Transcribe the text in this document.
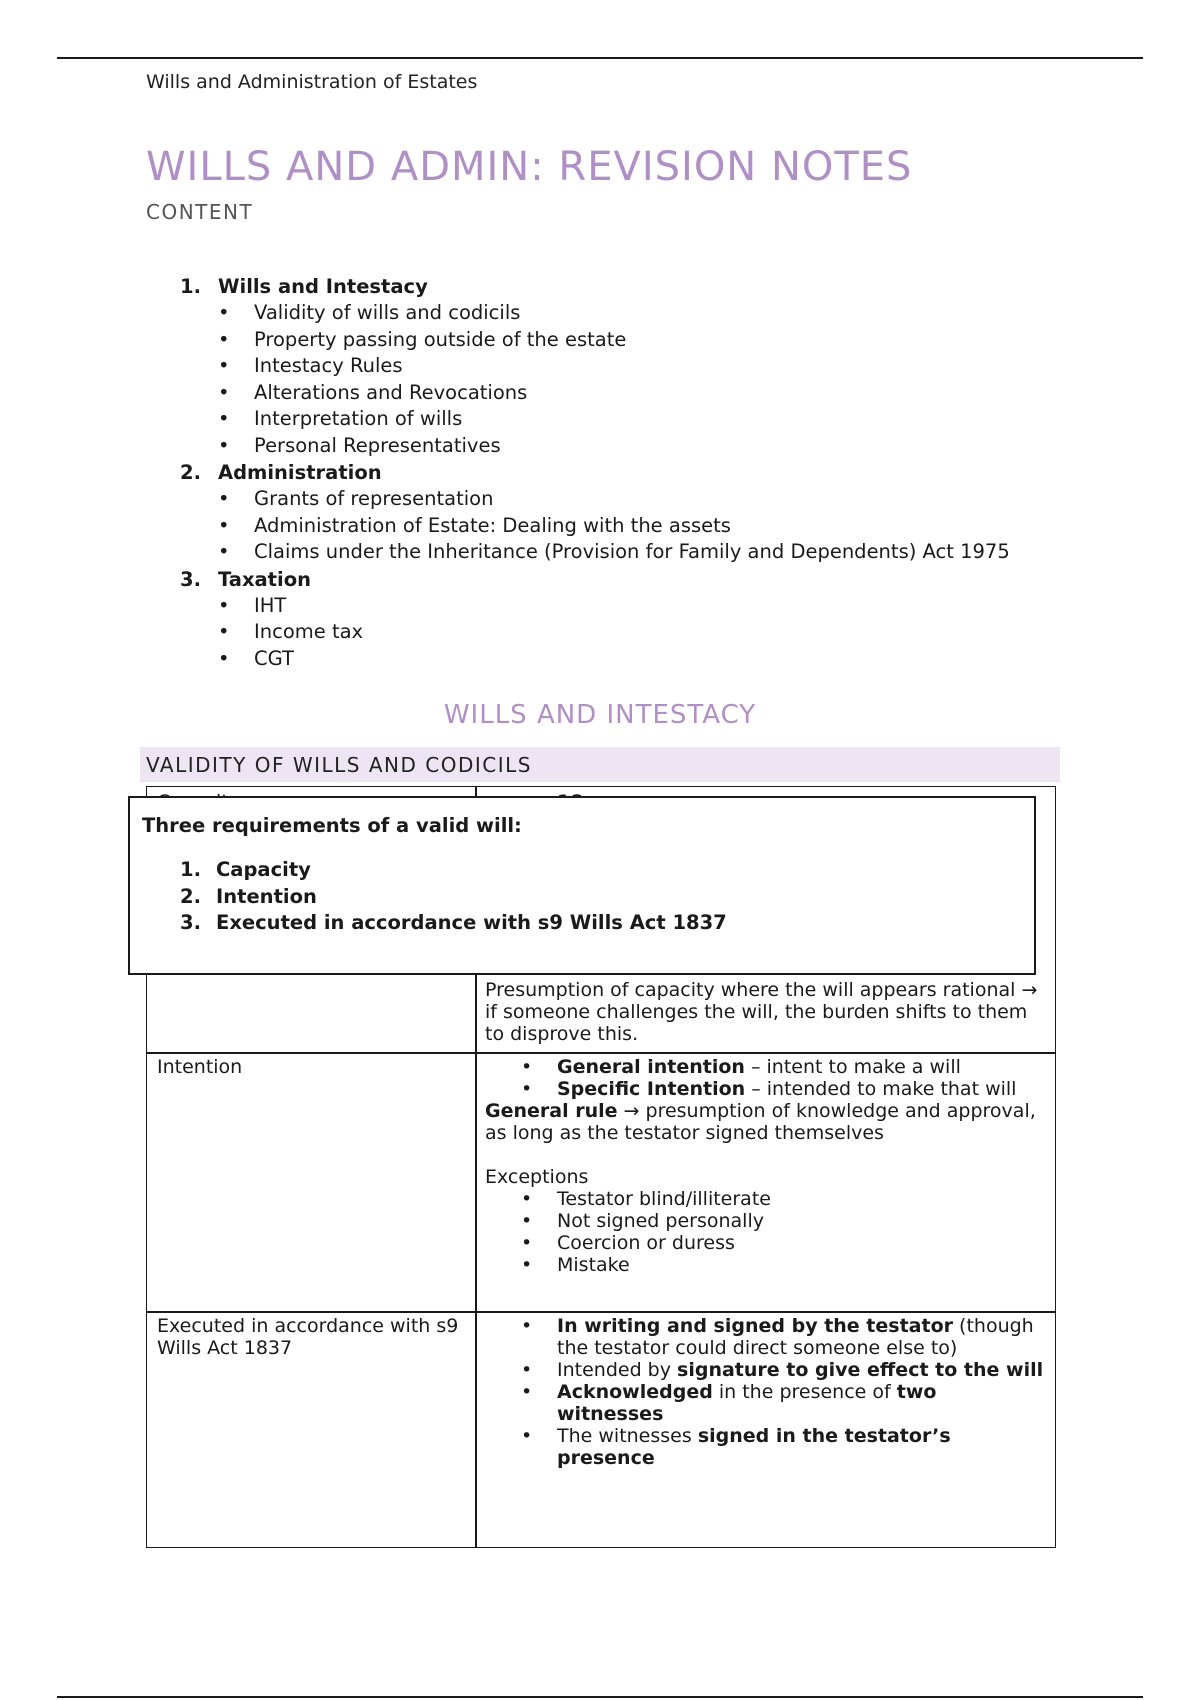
Wills and Administration of Estates
WILLS AND ADMIN: REVISION NOTES
CONTENT
1. Wills and Intestacy
• Validity of wills and codicils
• Property passing outside of the estate
• Intestacy Rules
• Alterations and Revocations
• Interpretation of wills
• Personal Representatives
2. Administration
• Grants of representation
• Administration of Estate: Dealing with the assets
• Claims under the Inheritance (Provision for Family and Dependents) Act 1975
3. Taxation
• IHT
• Income tax
• CGT
WILLS AND INTESTACY
VALIDITY OF WILLS AND CODICILS
•
Presumption of capacity where the will appears rational → if someone challenges the will, the burden shifts to them to disprove this.
Intention
•	General intention – intent to make a will
• Specific Intention – intended to make that will
General rule → presumption of knowledge and approval, as long as the testator signed themselves
Exceptions
• Testator blind/illiterate
• Not signed personally
• Coercion or duress
• Mistake
Executed in accordance with s9 Wills Act 1837
• In writing and signed by the testator (though the testator could direct someone else to)
• Intended by signature to give effect to the will
• Acknowledged in the presence of two witnesses
• The witnesses signed in the testator’s presence
Three requirements of a valid will:
1. Capacity
2. Intention
3. Executed in accordance with s9 Wills Act 1837
